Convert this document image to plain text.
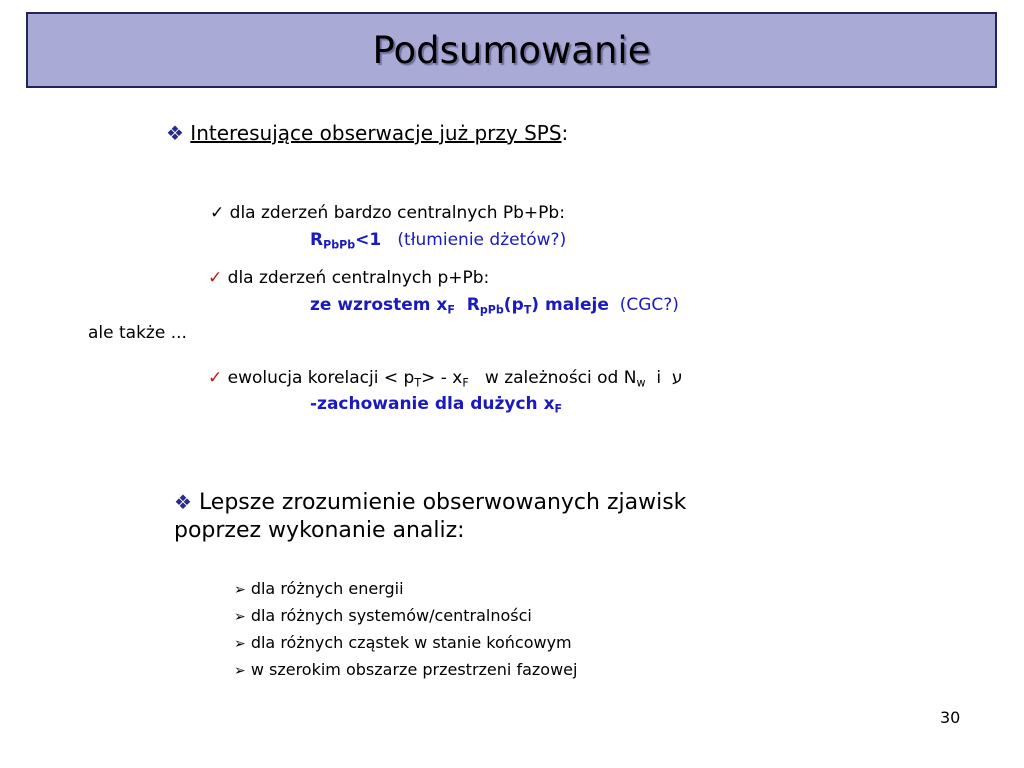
Podsumowanie
❖ Interesujące obserwacje już przy SPS:
✓ dla zderzeń bardzo centralnych Pb+Pb:
$R_{PbPb}<1$ (tłumienie dżetów?)
✓ dla zderzeń centralnych p+Pb:
ze wzrostem $x_F$ $R_{pPb}(p_T)$ maleje (CGC?)
ale także ...
✓ ewolucja korelacji < $p_T> - x_F$ w zależności od $N_w$ i ע
-zachowanie dla dużych $x_F$
❖ Lepsze zrozumienie obserwowanych zjawisk
poprzez wykonanie analiz:
➢ dla różnych energii
➢ dla różnych systemów/centralności
➢ dla różnych cząstek w stanie końcowym
➢ w szerokim obszarze przestrzeni fazowej
30
